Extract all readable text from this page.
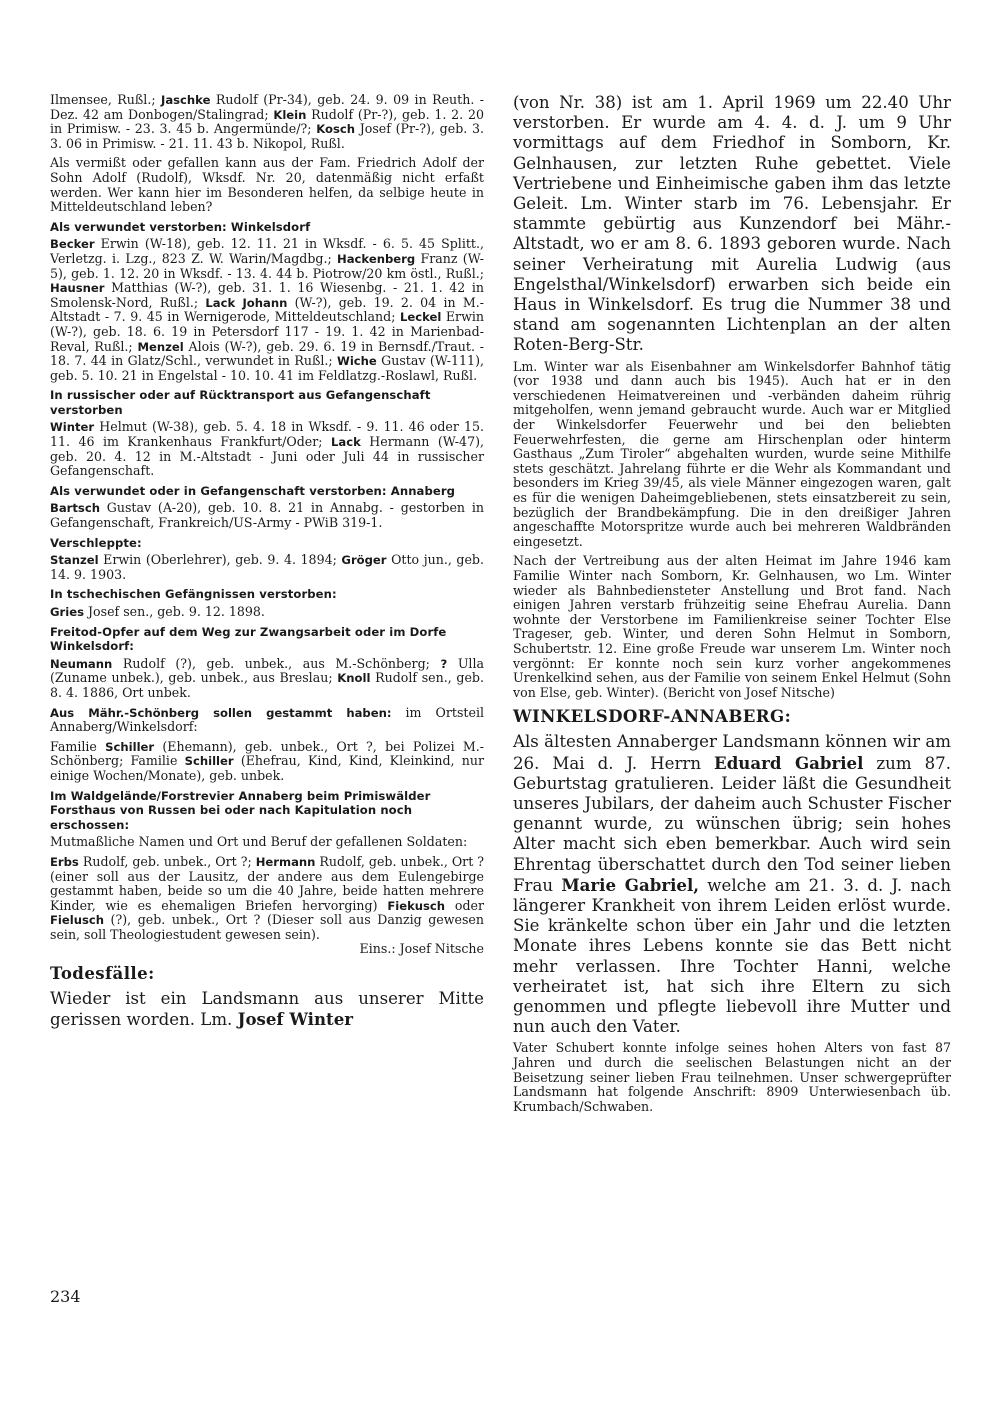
Ilmensee, Rußl.; Jaschke Rudolf (Pr-34), geb. 24. 9. 09 in Reuth. - Dez. 42 am Donbogen/Stalingrad; Klein Rudolf (Pr-?), geb. 1. 2. 20 in Primisw. - 23. 3. 45 b. Angermünde/?; Kosch Josef (Pr-?), geb. 3. 3. 06 in Primisw. - 21. 11. 43 b. Nikopol, Rußl.

Als vermißt oder gefallen kann aus der Fam. Friedrich Adolf der Sohn Adolf (Rudolf), Wksdf. Nr. 20, datenmäßig nicht erfaßt werden. Wer kann hier im Besonderen helfen, da selbige heute in Mitteldeutschland leben?

Als verwundet verstorben: Winkelsdorf

Becker Erwin (W-18), geb. 12. 11. 21 in Wksdf. - 6. 5. 45 Splitt., Verletzg. i. Lzg., 823 Z. W. Warin/Magdbg.; Hackenberg Franz (W-5), geb. 1. 12. 20 in Wksdf. - 13. 4. 44 b. Piotrow/20 km östl., Rußl.; Hausner Matthias (W-?), geb. 31. 1. 16 Wiesenbg. - 21. 1. 42 in Smolensk-Nord, Rußl.; Lack Johann (W-?), geb. 19. 2. 04 in M.-Altstadt - 7. 9. 45 in Wernigerode, Mitteldeutschland; Leckel Erwin (W-?), geb. 18. 6. 19 in Petersdorf 117 - 19. 1. 42 in Marienbad-Reval, Rußl.; Menzel Alois (W-?), geb. 29. 6. 19 in Bernsdf./Traut. - 18. 7. 44 in Glatz/Schl., verwundet in Rußl.; Wiche Gustav (W-111), geb. 5. 10. 21 in Engelstal - 10. 10. 41 im Feldlatzg.-Roslawl, Rußl.

In russischer oder auf Rücktransport aus Gefangenschaft verstorben

Winter Helmut (W-38), geb. 5. 4. 18 in Wksdf. - 9. 11. 46 oder 15. 11. 46 im Krankenhaus Frankfurt/Oder; Lack Hermann (W-47), geb. 20. 4. 12 in M.-Altstadt - Juni oder Juli 44 in russischer Gefangenschaft.

Als verwundet oder in Gefangenschaft verstorben: Annaberg

Bartsch Gustav (A-20), geb. 10. 8. 21 in Annabg. - gestorben in Gefangenschaft, Frankreich/US-Army - PWiB 319-1.

Verschleppte:

Stanzel Erwin (Oberlehrer), geb. 9. 4. 1894; Gröger Otto jun., geb. 14. 9. 1903.

In tschechischen Gefängnissen verstorben:

Gries Josef sen., geb. 9. 12. 1898.

Freitod-Opfer auf dem Weg zur Zwangsarbeit oder im Dorfe Winkelsdorf:

Neumann Rudolf (?), geb. unbek., aus M.-Schönberg; ? Ulla (Zuname unbek.), geb. unbek., aus Breslau; Knoll Rudolf sen., geb. 8. 4. 1886, Ort unbek.

Aus Mähr.-Schönberg sollen gestammt haben: im Ortsteil Annaberg/Winkelsdorf:

Familie Schiller (Ehemann), geb. unbek., Ort ?, bei Polizei M.-Schönberg; Familie Schiller (Ehefrau, Kind, Kind, Kleinkind, nur einige Wochen/Monate), geb. unbek.

Im Waldgelände/Forstrevier Annaberg beim Primiswälder Forsthaus von Russen bei oder nach Kapitulation noch erschossen:

Mutmaßliche Namen und Ort und Beruf der gefallenen Soldaten:

Erbs Rudolf, geb. unbek., Ort ?; Hermann Rudolf, geb. unbek., Ort ? (einer soll aus der Lausitz, der andere aus dem Eulengebirge gestammt haben, beide so um die 40 Jahre, beide hatten mehrere Kinder, wie es ehemaligen Briefen hervorging) Fiekusch oder Fielusch (?), geb. unbek., Ort ? (Dieser soll aus Danzig gewesen sein, soll Theologiestudent gewesen sein).

Eins.: Josef Nitsche

Todesfälle:

Wieder ist ein Landsmann aus unserer Mitte gerissen worden. Lm. Josef Winter

(von Nr. 38) ist am 1. April 1969 um 22.40 Uhr verstorben. Er wurde am 4. 4. d. J. um 9 Uhr vormittags auf dem Friedhof in Somborn, Kr. Gelnhausen, zur letzten Ruhe gebettet. Viele Vertriebene und Einheimische gaben ihm das letzte Geleit. Lm. Winter starb im 76. Lebensjahr. Er stammte gebürtig aus Kunzendorf bei Mähr.-Altstadt, wo er am 8. 6. 1893 geboren wurde. Nach seiner Verheiratung mit Aurelia Ludwig (aus Engelsthal/Winkelsdorf) erwarben sich beide ein Haus in Winkelsdorf. Es trug die Nummer 38 und stand am sogenannten Lichtenplan an der alten Roten-Berg-Str.

Lm. Winter war als Eisenbahner am Winkelsdorfer Bahnhof tätig (vor 1938 und dann auch bis 1945). Auch hat er in den verschiedenen Heimatvereinen und -verbänden daheim rührig mitgeholfen, wenn jemand gebraucht wurde. Auch war er Mitglied der Winkelsdorfer Feuerwehr und bei den beliebten Feuerwehrfesten, die gerne am Hirschenplan oder hinterm Gasthaus „Zum Tiroler“ abgehalten wurden, wurde seine Mithilfe stets geschätzt. Jahrelang führte er die Wehr als Kommandant und besonders im Krieg 39/45, als viele Männer eingezogen waren, galt es für die wenigen Daheimgebliebenen, stets einsatzbereit zu sein, bezüglich der Brandbekämpfung. Die in den dreißiger Jahren angeschaffte Motorspritze wurde auch bei mehreren Waldbränden eingesetzt.

Nach der Vertreibung aus der alten Heimat im Jahre 1946 kam Familie Winter nach Somborn, Kr. Gelnhausen, wo Lm. Winter wieder als Bahnbediensteter Anstellung und Brot fand. Nach einigen Jahren verstarb frühzeitig seine Ehefrau Aurelia. Dann wohnte der Verstorbene im Familienkreise seiner Tochter Else Trageser, geb. Winter, und deren Sohn Helmut in Somborn, Schubertstr. 12. Eine große Freude war unserem Lm. Winter noch vergönnt: Er konnte noch sein kurz vorher angekommenes Urenkelkind sehen, aus der Familie von seinem Enkel Helmut (Sohn von Else, geb. Winter). (Bericht von Josef Nitsche)

WINKELSDORF-ANNABERG:

Als ältesten Annaberger Landsmann können wir am 26. Mai d. J. Herrn Eduard Gabriel zum 87. Geburtstag gratulieren. Leider läßt die Gesundheit unseres Jubilars, der daheim auch Schuster Fischer genannt wurde, zu wünschen übrig; sein hohes Alter macht sich eben bemerkbar. Auch wird sein Ehrentag überschattet durch den Tod seiner lieben Frau Marie Gabriel, welche am 21. 3. d. J. nach längerer Krankheit von ihrem Leiden erlöst wurde. Sie kränkelte schon über ein Jahr und die letzten Monate ihres Lebens konnte sie das Bett nicht mehr verlassen. Ihre Tochter Hanni, welche verheiratet ist, hat sich ihre Eltern zu sich genommen und pflegte liebevoll ihre Mutter und nun auch den Vater.

Vater Schubert konnte infolge seines hohen Alters von fast 87 Jahren und durch die seelischen Belastungen nicht an der Beisetzung seiner lieben Frau teilnehmen. Unser schwergeprüfter Landsmann hat folgende Anschrift: 8909 Unterwiesenbach üb. Krumbach/Schwaben.

234
